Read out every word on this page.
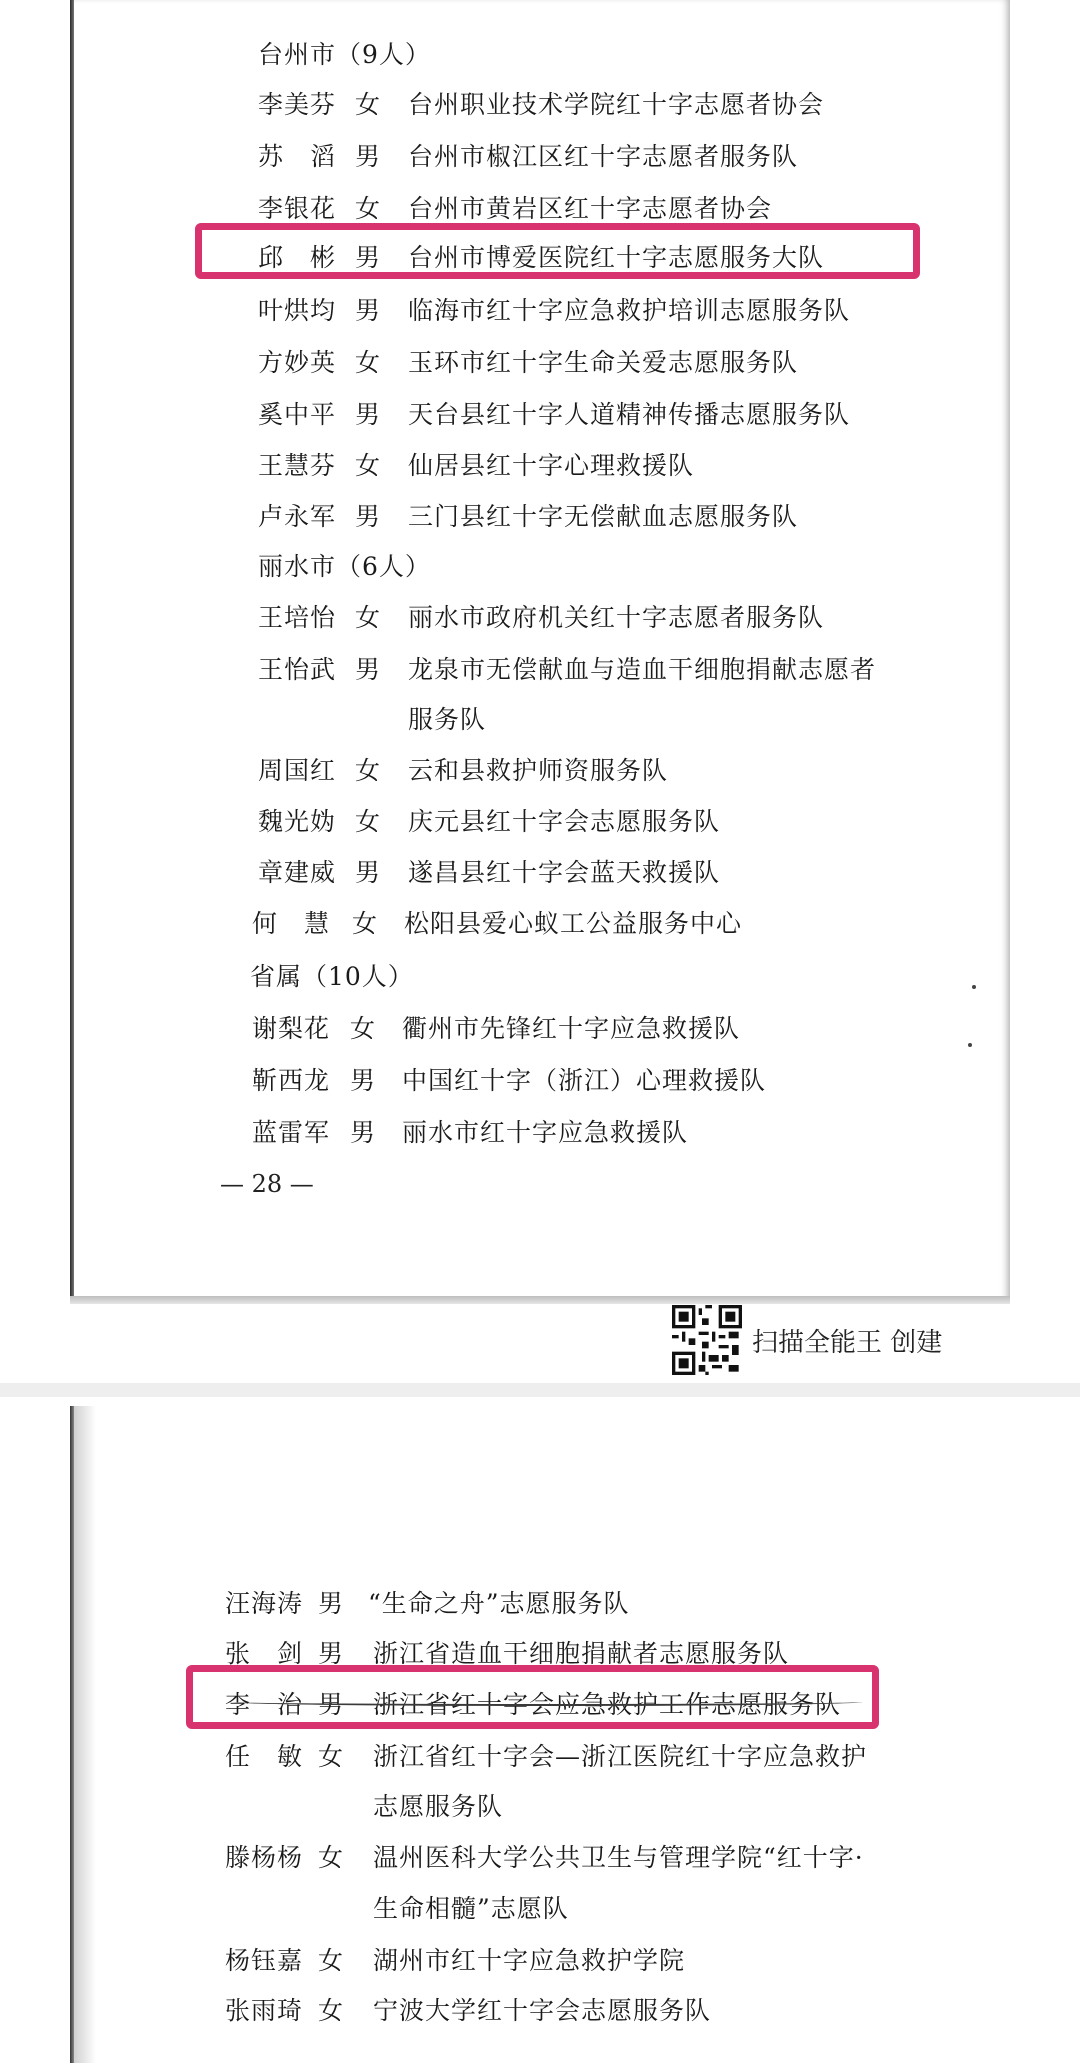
台州市（9人）
李美芬 女 台州职业技术学院红十字志愿者协会
苏　滔 男 台州市椒江区红十字志愿者服务队
李银花 女 台州市黄岩区红十字志愿者协会
邱　彬 男 台州市博爱医院红十字志愿服务大队
叶烘均 男 临海市红十字应急救护培训志愿服务队
方妙英 女 玉环市红十字生命关爱志愿服务队
奚中平 男 天台县红十字人道精神传播志愿服务队
王慧芬 女 仙居县红十字心理救援队
卢永军 男 三门县红十字无偿献血志愿服务队
丽水市（6人）
王培怡 女 丽水市政府机关红十字志愿者服务队
王怡武 男 龙泉市无偿献血与造血干细胞捐献志愿者
服务队
周国红 女 云和县救护师资服务队
魏光妫 女 庆元县红十字会志愿服务队
章建威 男 遂昌县红十字会蓝天救援队
何　慧 女 松阳县爱心蚁工公益服务中心
省属（10人）
谢梨花 女 衢州市先锋红十字应急救援队
靳西龙 男 中国红十字（浙江）心理救援队
蓝雷军 男 丽水市红十字应急救援队
— 28 —
扫描全能王 创建
汪海涛 男 “生命之舟”志愿服务队
张　剑 男 浙江省造血干细胞捐献者志愿服务队
李　治 男 浙江省红十字会应急救护工作志愿服务队
任　敏 女 浙江省红十字会—浙江医院红十字应急救护
志愿服务队
滕杨杨 女 温州医科大学公共卫生与管理学院“红十字·
生命相髓”志愿队
杨钰嘉 女 湖州市红十字应急救护学院
张雨琦 女 宁波大学红十字会志愿服务队
